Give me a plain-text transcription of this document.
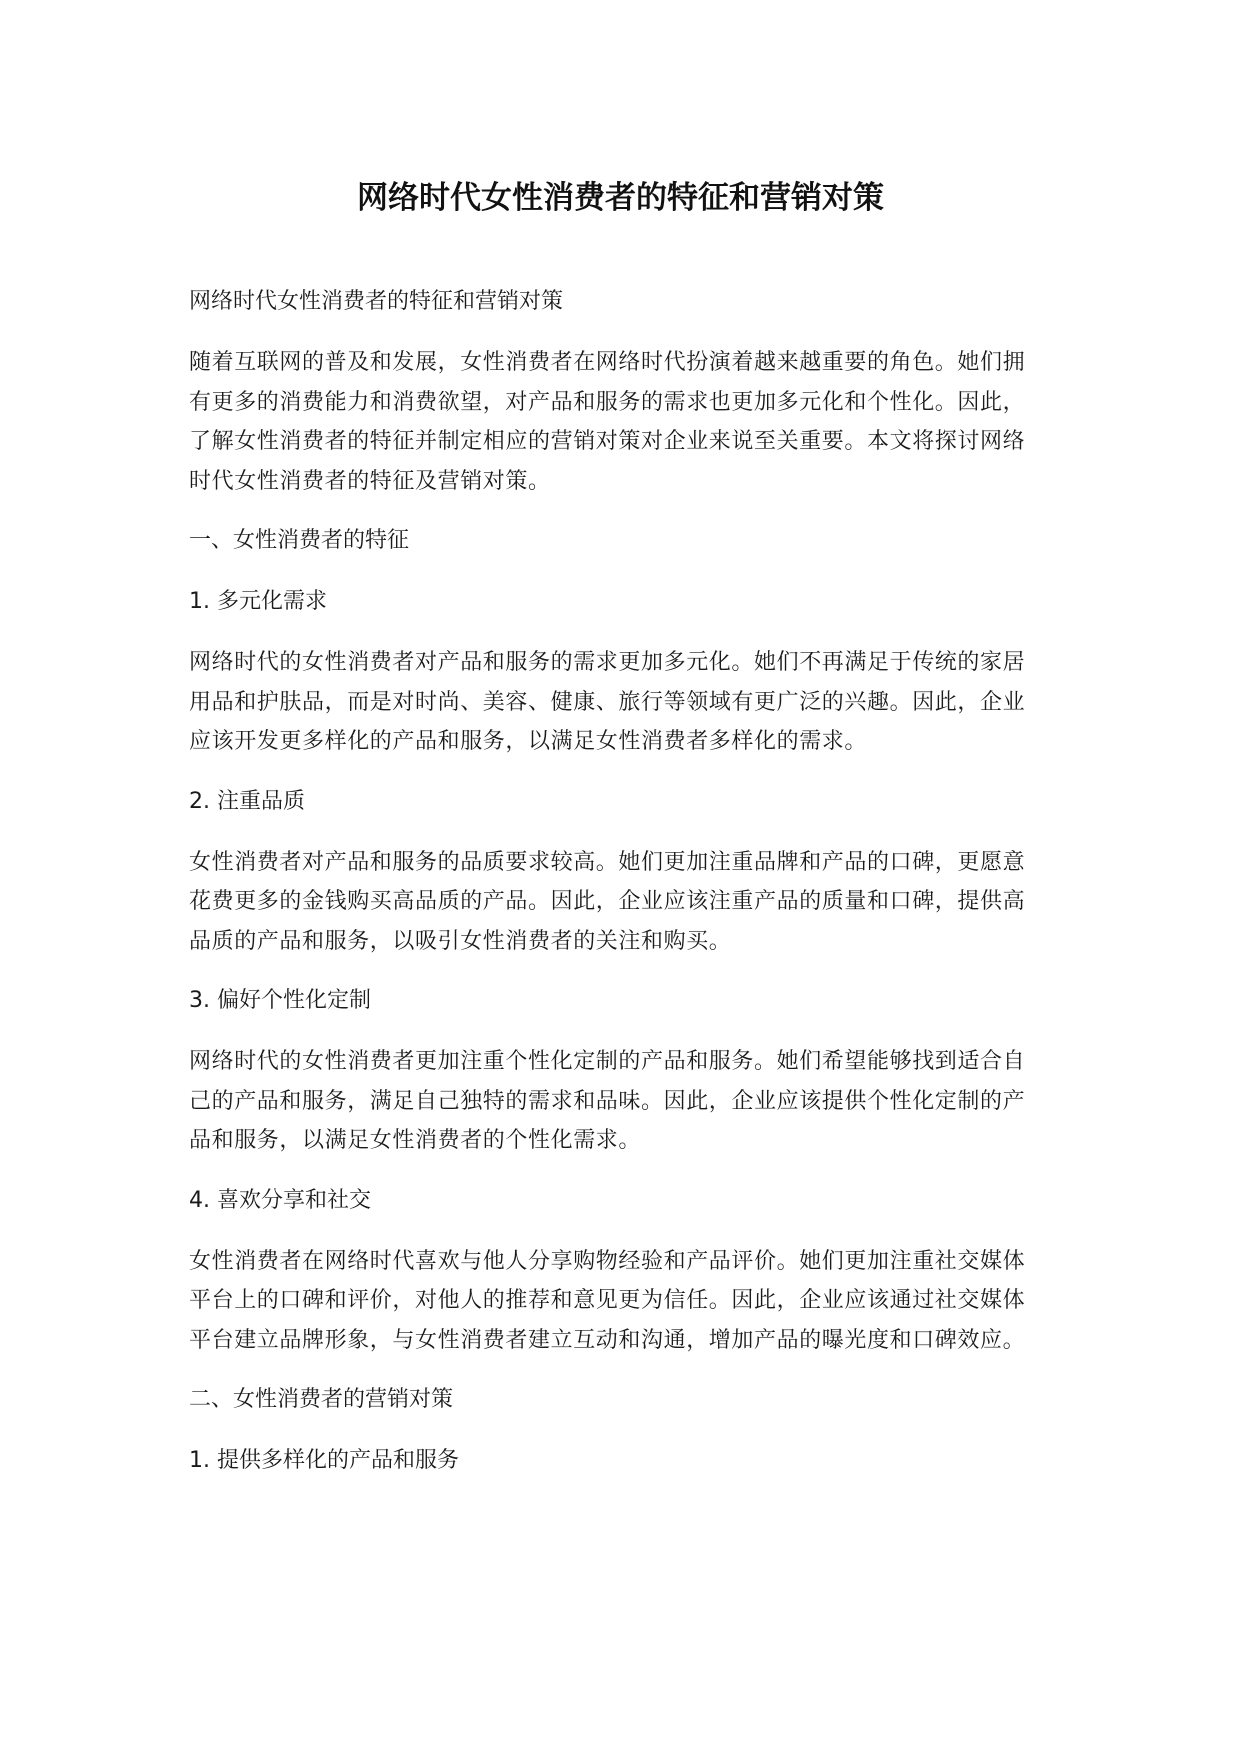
网络时代女性消费者的特征和营销对策
网络时代女性消费者的特征和营销对策
随着互联网的普及和发展，女性消费者在网络时代扮演着越来越重要的角色。她们拥
有更多的消费能力和消费欲望，对产品和服务的需求也更加多元化和个性化。因此，
了解女性消费者的特征并制定相应的营销对策对企业来说至关重要。本文将探讨网络
时代女性消费者的特征及营销对策。
一、女性消费者的特征
1. 多元化需求
网络时代的女性消费者对产品和服务的需求更加多元化。她们不再满足于传统的家居
用品和护肤品，而是对时尚、美容、健康、旅行等领域有更广泛的兴趣。因此，企业
应该开发更多样化的产品和服务，以满足女性消费者多样化的需求。
2. 注重品质
女性消费者对产品和服务的品质要求较高。她们更加注重品牌和产品的口碑，更愿意
花费更多的金钱购买高品质的产品。因此，企业应该注重产品的质量和口碑，提供高
品质的产品和服务，以吸引女性消费者的关注和购买。
3. 偏好个性化定制
网络时代的女性消费者更加注重个性化定制的产品和服务。她们希望能够找到适合自
己的产品和服务，满足自己独特的需求和品味。因此，企业应该提供个性化定制的产
品和服务，以满足女性消费者的个性化需求。
4. 喜欢分享和社交
女性消费者在网络时代喜欢与他人分享购物经验和产品评价。她们更加注重社交媒体
平台上的口碑和评价，对他人的推荐和意见更为信任。因此，企业应该通过社交媒体
平台建立品牌形象，与女性消费者建立互动和沟通，增加产品的曝光度和口碑效应。
二、女性消费者的营销对策
1. 提供多样化的产品和服务
